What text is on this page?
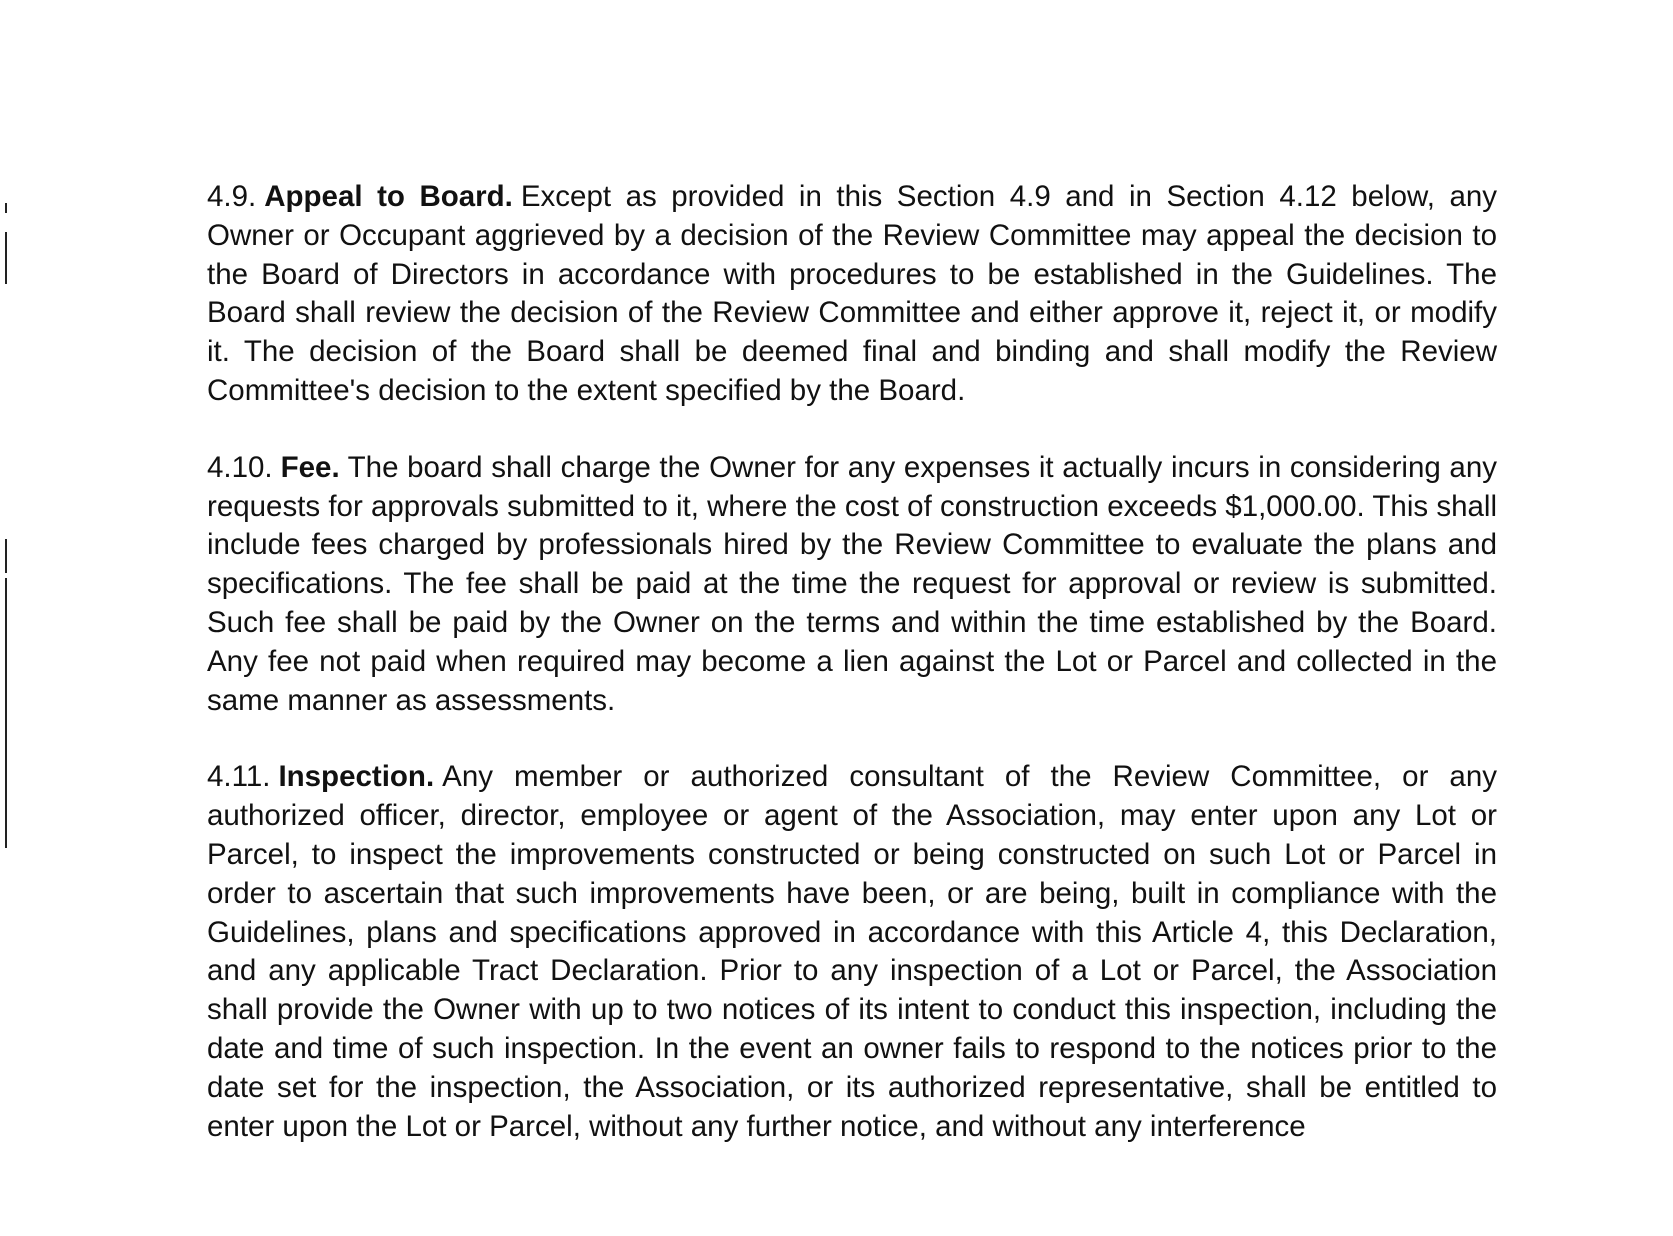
4.9. Appeal to Board. Except as provided in this Section 4.9 and in Section 4.12 below, any Owner or Occupant aggrieved by a decision of the Review Committee may appeal the decision to the Board of Directors in accordance with procedures to be established in the Guidelines. The Board shall review the decision of the Review Committee and either approve it, reject it, or modify it. The decision of the Board shall be deemed final and binding and shall modify the Review Committee's decision to the extent specified by the Board.

4.10. Fee. The board shall charge the Owner for any expenses it actually incurs in considering any requests for approvals submitted to it, where the cost of construction exceeds $1,000.00. This shall include fees charged by professionals hired by the Review Committee to evaluate the plans and specifications. The fee shall be paid at the time the request for approval or review is submitted. Such fee shall be paid by the Owner on the terms and within the time established by the Board. Any fee not paid when required may become a lien against the Lot or Parcel and collected in the same manner as assessments.

4.11. Inspection. Any member or authorized consultant of the Review Committee, or any authorized officer, director, employee or agent of the Association, may enter upon any Lot or Parcel, to inspect the improvements constructed or being constructed on such Lot or Parcel in order to ascertain that such improvements have been, or are being, built in compliance with the Guidelines, plans and specifications approved in accordance with this Article 4, this Declaration, and any applicable Tract Declaration. Prior to any inspection of a Lot or Parcel, the Association shall provide the Owner with up to two notices of its intent to conduct this inspection, including the date and time of such inspection. In the event an owner fails to respond to the notices prior to the date set for the inspection, the Association, or its authorized representative, shall be entitled to enter upon the Lot or Parcel, without any further notice, and without any interference
